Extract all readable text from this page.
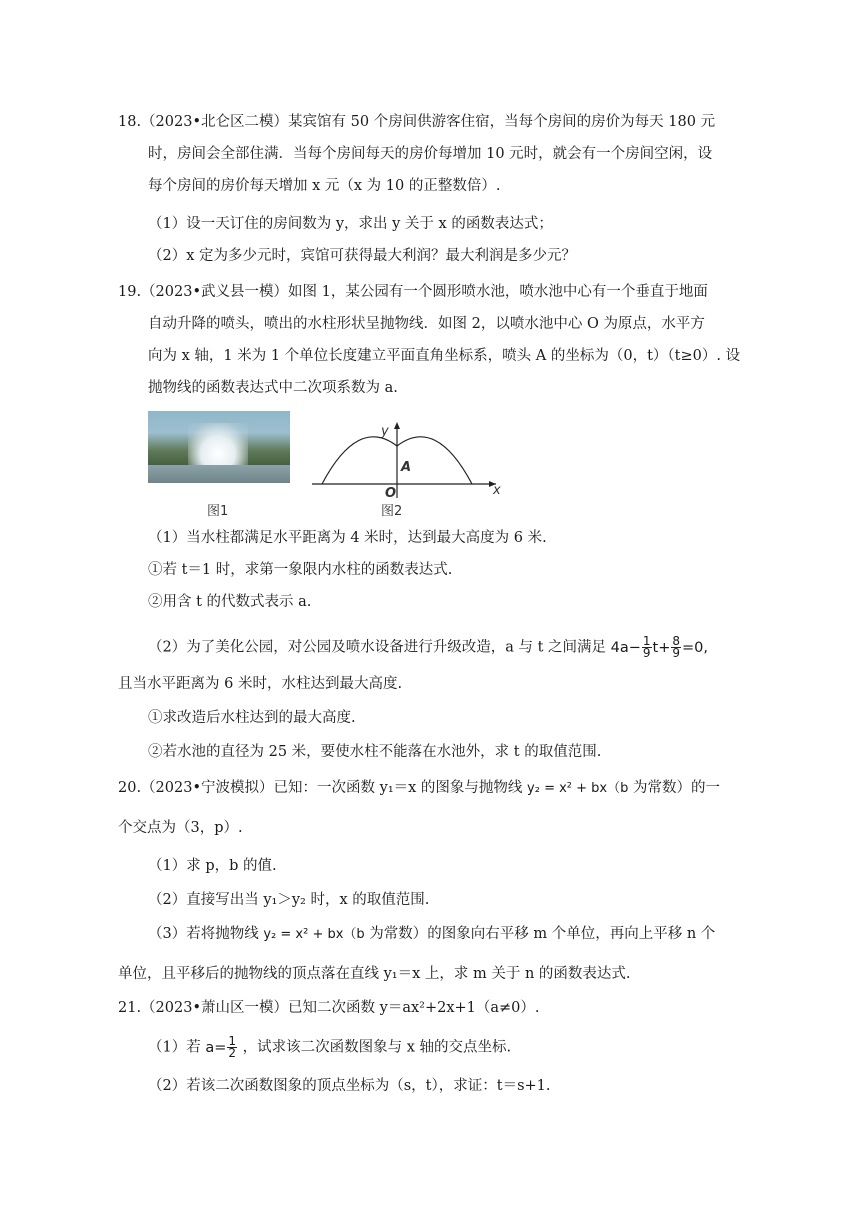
18.（2023•北仑区二模）某宾馆有 50 个房间供游客住宿，当每个房间的房价为每天 180 元
时，房间会全部住满．当每个房间每天的房价每增加 10 元时，就会有一个房间空闲，设
每个房间的房价每天增加 x 元（x 为 10 的正整数倍）.
（1）设一天订住的房间数为 y，求出 y 关于 x 的函数表达式；
（2）x 定为多少元时，宾馆可获得最大利润？最大利润是多少元？
19.（2023•武义县一模）如图 1，某公园有一个圆形喷水池，喷水池中心有一个垂直于地面
自动升降的喷头，喷出的水柱形状呈抛物线．如图 2，以喷水池中心 O 为原点，水平方
向为 x 轴，1 米为 1 个单位长度建立平面直角坐标系，喷头 A 的坐标为（0，t）（t≥0）. 设
抛物线的函数表达式中二次项系数为 a.
图1
y
x
O
A
图2
（1）当水柱都满足水平距离为 4 米时，达到最大高度为 6 米.
①若 t＝1 时，求第一象限内水柱的函数表达式.
②用含 t 的代数式表示 a.
（2）为了美化公园，对公园及喷水设备进行升级改造，a 与 t 之间满足 $4a- \frac{1}{9} t+ \frac{8}{9} =0$,
且当水平距离为 6 米时，水柱达到最大高度.
①求改造后水柱达到的最大高度.
②若水池的直径为 25 米，要使水柱不能落在水池外，求 t 的取值范围.
20.（2023•宁波模拟）已知：一次函数 y₁＝x 的图象与抛物线 y₂ = x² + bx（b 为常数）的一
个交点为（3，p）.
（1）求 p，b 的值.
（2）直接写出当 y₁＞y₂ 时，x 的取值范围.
（3）若将抛物线 y₂ = x² + bx（b 为常数）的图象向右平移 m 个单位，再向上平移 n 个
单位，且平移后的抛物线的顶点落在直线 y₁＝x 上，求 m 关于 n 的函数表达式.
21.（2023•萧山区一模）已知二次函数 y＝ax²+2x+1（a≠0）.
（1）若 $a= \frac{1}{2}$ ，试求该二次函数图象与 x 轴的交点坐标.
（2）若该二次函数图象的顶点坐标为（s，t），求证：t＝s+1.
